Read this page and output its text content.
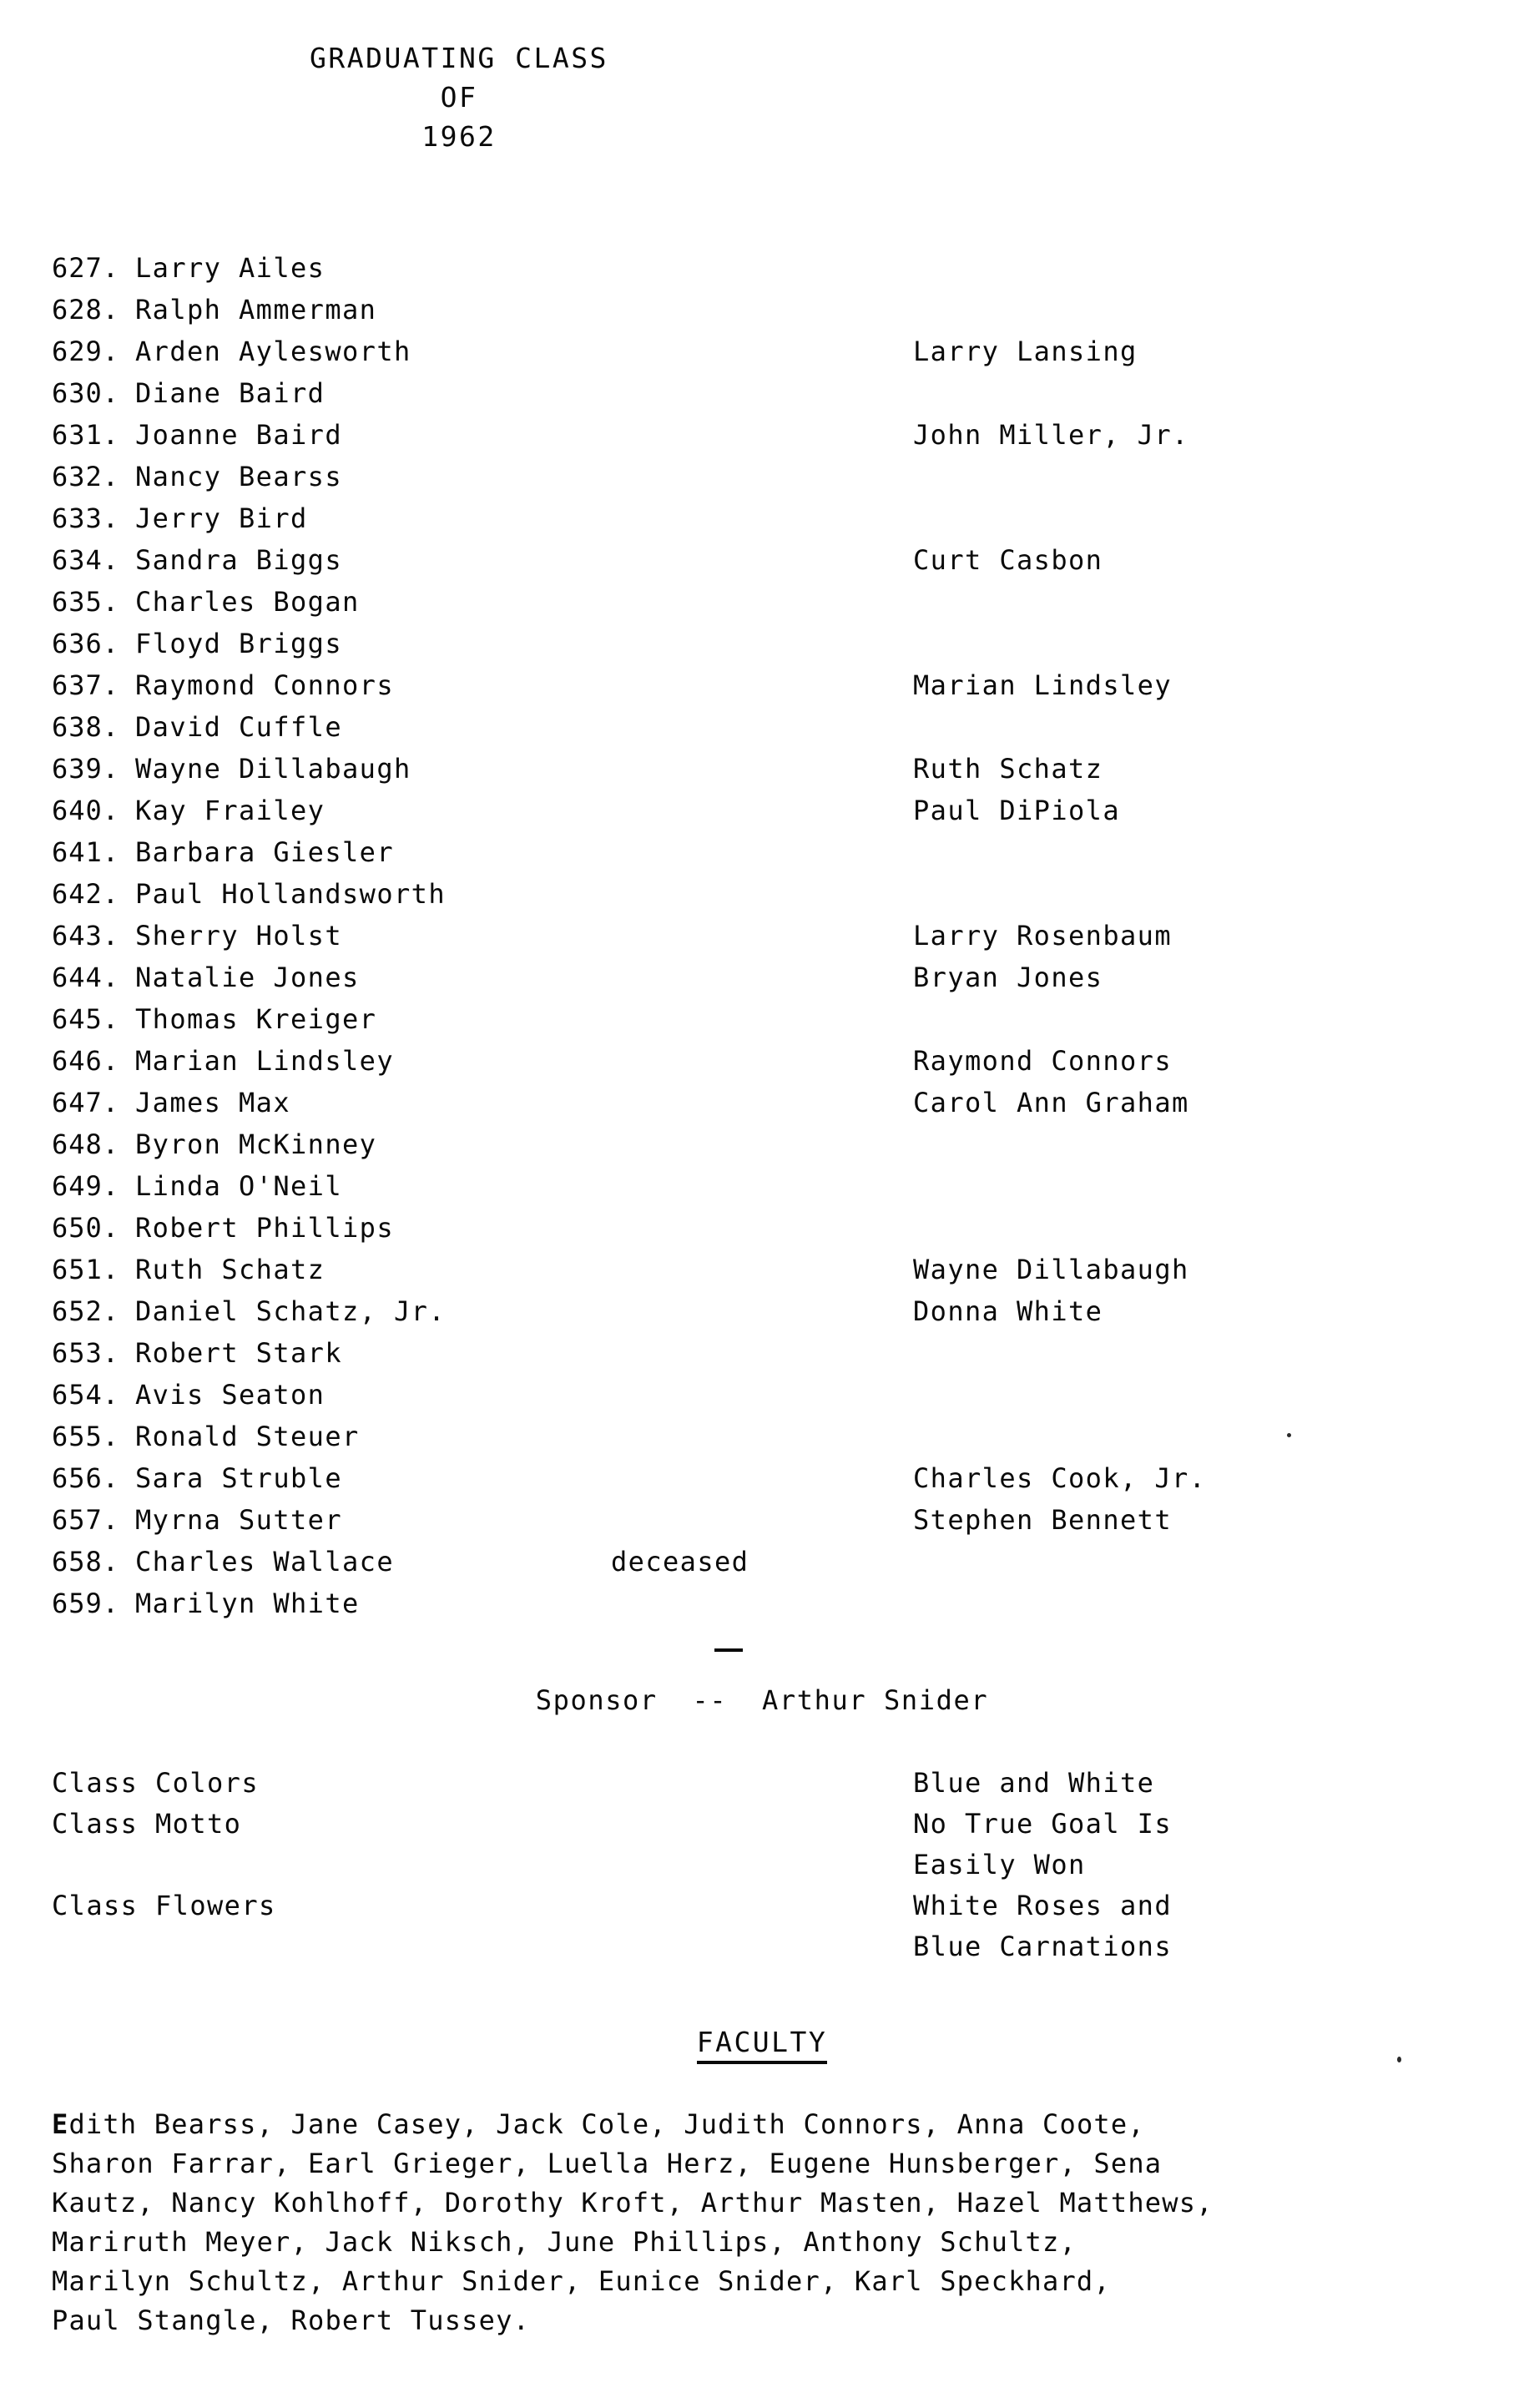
GRADUATING CLASS
OF
1962
627. Larry Ailes
628. Ralph Ammerman
629. Arden Aylesworth	Larry Lansing
630. Diane Baird
631. Joanne Baird	John Miller, Jr.
632. Nancy Bearss
633. Jerry Bird
634. Sandra Biggs	Curt Casbon
635. Charles Bogan
636. Floyd Briggs
637. Raymond Connors	Marian Lindsley
638. David Cuffle
639. Wayne Dillabaugh	Ruth Schatz
640. Kay Frailey	Paul DiPiola
641. Barbara Giesler
642. Paul Hollandsworth
643. Sherry Holst	Larry Rosenbaum
644. Natalie Jones	Bryan Jones
645. Thomas Kreiger
646. Marian Lindsley	Raymond Connors
647. James Max	Carol Ann Graham
648. Byron McKinney
649. Linda O'Neil
650. Robert Phillips
651. Ruth Schatz	Wayne Dillabaugh
652. Daniel Schatz, Jr.	Donna White
653. Robert Stark
654. Avis Seaton
655. Ronald Steuer
656. Sara Struble	Charles Cook, Jr.
657. Myrna Sutter	Stephen Bennett
658. Charles Wallace	deceased
659. Marilyn White
Sponsor  --  Arthur Snider
Class Colors	Blue and White
Class Motto	No True Goal Is
Easily Won
Class Flowers	White Roses and
Blue Carnations
FACULTY
Edith Bearss, Jane Casey, Jack Cole, Judith Connors, Anna Coote,
Sharon Farrar, Earl Grieger, Luella Herz, Eugene Hunsberger, Sena
Kautz, Nancy Kohlhoff, Dorothy Kroft, Arthur Masten, Hazel Matthews,
Mariruth Meyer, Jack Niksch, June Phillips, Anthony Schultz,
Marilyn Schultz, Arthur Snider, Eunice Snider, Karl Speckhard,
Paul Stangle, Robert Tussey.
